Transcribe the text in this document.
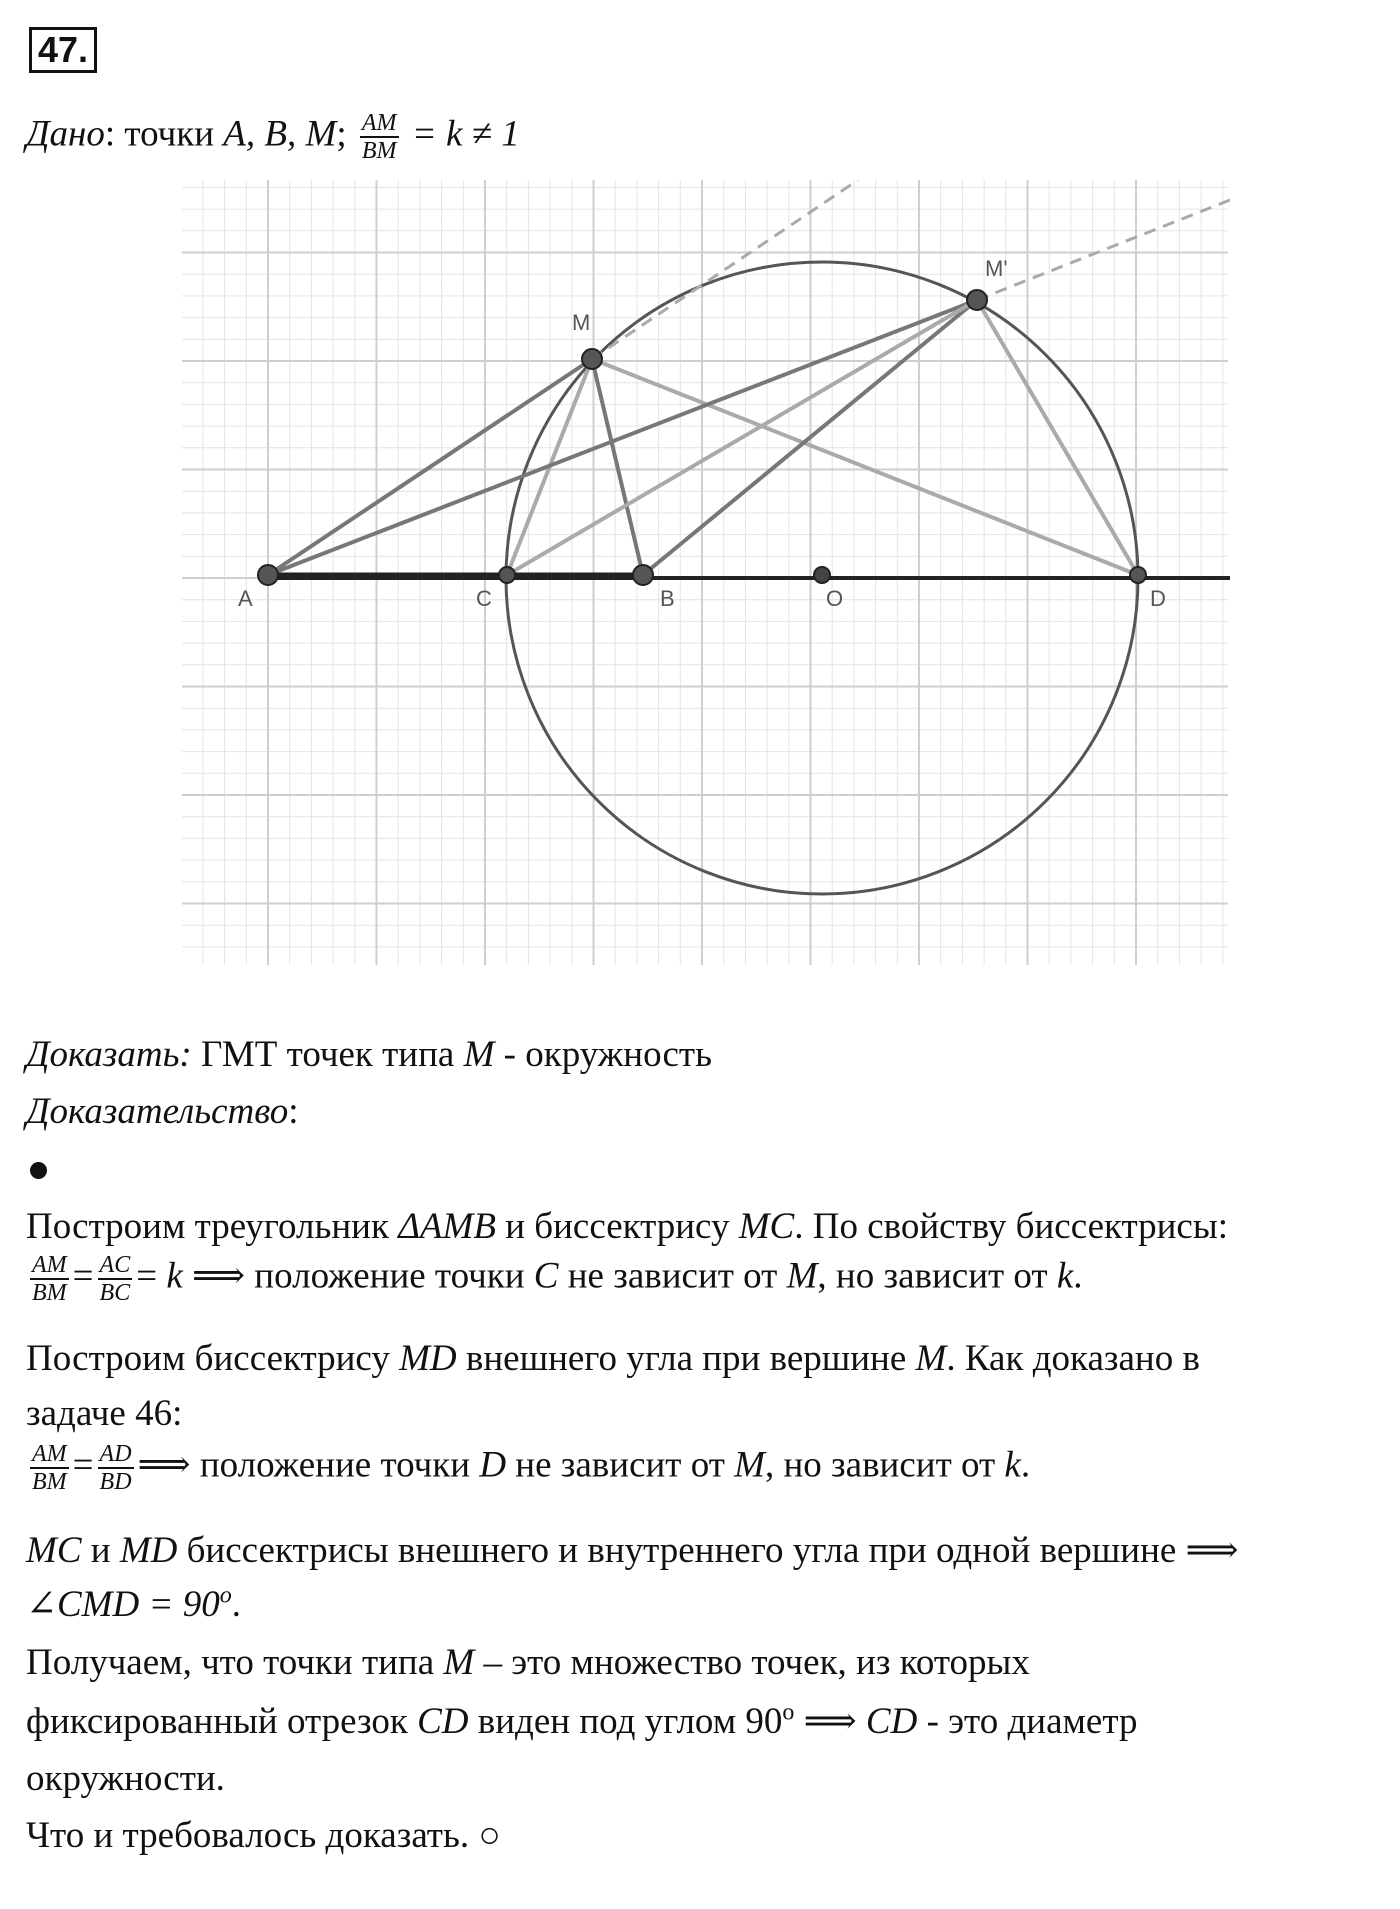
47.
Дано: точки A, B, M; $\frac{AM}{BM} = k \ne 1$
A	C	B	O	D
M
M'
Доказать: ГМТ точек типа M - окружность
Доказательство:
Построим треугольник ΔAMB и биссектрису MC. По свойству биссектрисы:
$\frac{AM}{BM} = \frac{AC}{BC} = k$ ⟹ положение точки C не зависит от M, но зависит от k.
Построим биссектрису MD внешнего угла при вершине M. Как доказано в
задаче 46:
$\frac{AM}{BM} = \frac{AD}{BD}$ ⟹ положение точки D не зависит от M, но зависит от k.
MC и MD биссектрисы внешнего и внутреннего угла при одной вершине ⟹
∠CMD = $90^o$.
Получаем, что точки типа M – это множество точек, из которых
фиксированный отрезок CD виден под углом 90$^o$ ⟹ CD - это диаметр
окружности.
Что и требовалось доказать. ○
